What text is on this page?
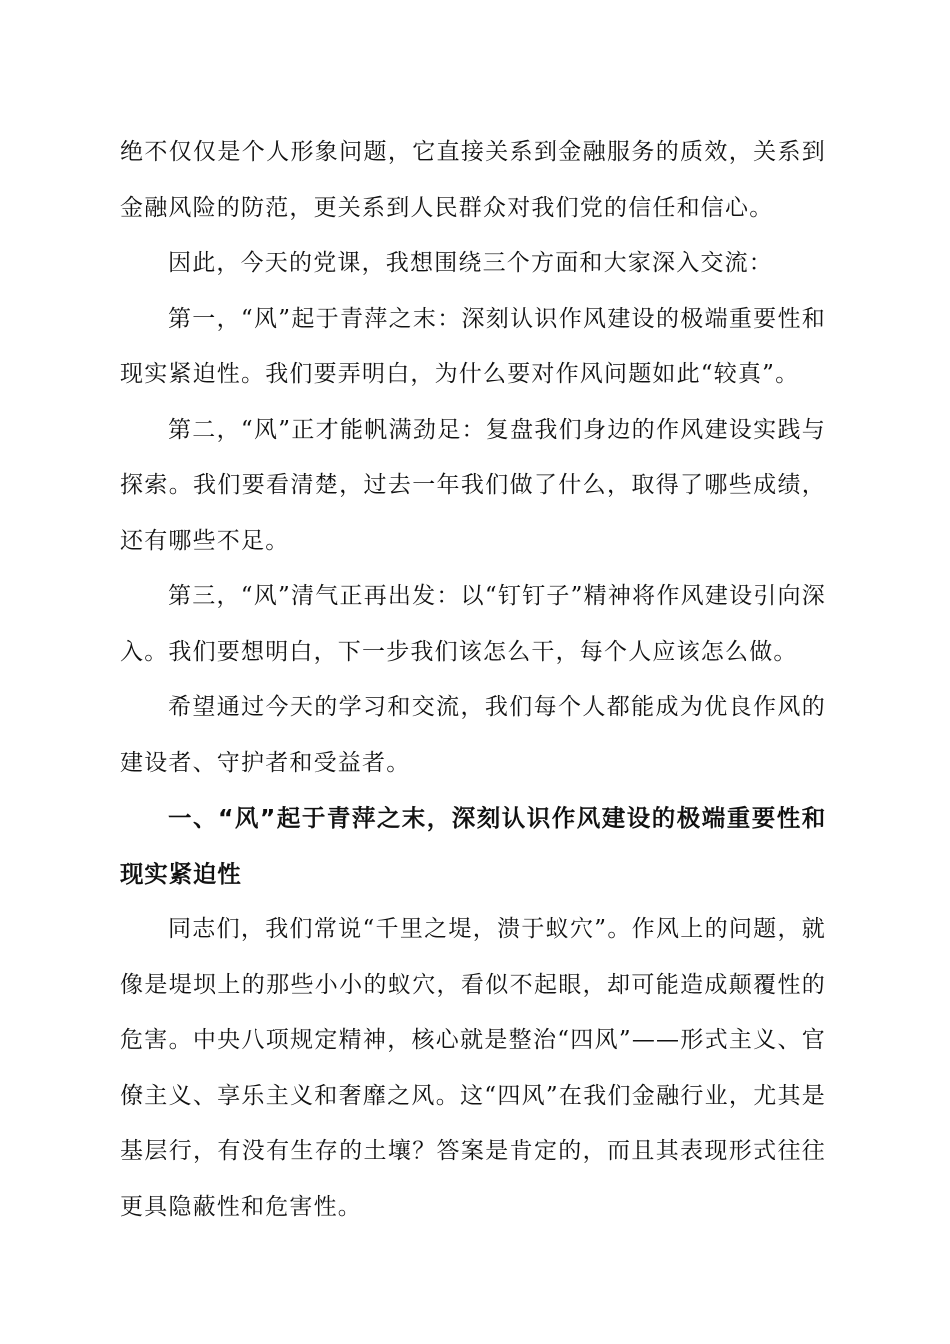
绝不仅仅是个人形象问题，它直接关系到金融服务的质效，关系到金融风险的防范，更关系到人民群众对我们党的信任和信心。

因此，今天的党课，我想围绕三个方面和大家深入交流：

第一，“风”起于青萍之末：深刻认识作风建设的极端重要性和现实紧迫性。我们要弄明白，为什么要对作风问题如此“较真”。

第二，“风”正才能帆满劲足：复盘我们身边的作风建设实践与探索。我们要看清楚，过去一年我们做了什么，取得了哪些成绩，还有哪些不足。

第三，“风”清气正再出发：以“钉钉子”精神将作风建设引向深入。我们要想明白，下一步我们该怎么干，每个人应该怎么做。

希望通过今天的学习和交流，我们每个人都能成为优良作风的建设者、守护者和受益者。

一、“风”起于青萍之末，深刻认识作风建设的极端重要性和现实紧迫性

同志们，我们常说“千里之堤，溃于蚁穴”。作风上的问题，就像是堤坝上的那些小小的蚁穴，看似不起眼，却可能造成颠覆性的危害。中央八项规定精神，核心就是整治“四风”——形式主义、官僚主义、享乐主义和奢靡之风。这“四风”在我们金融行业，尤其是基层行，有没有生存的土壤？答案是肯定的，而且其表现形式往往更具隐蔽性和危害性。
